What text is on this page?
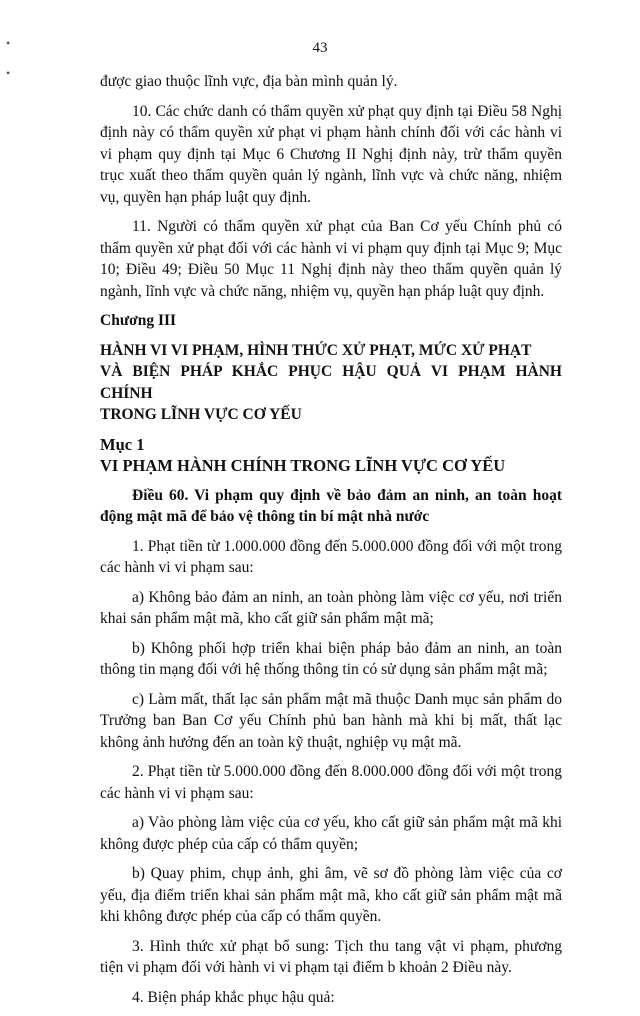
•
•
43

được giao thuộc lĩnh vực, địa bàn mình quản lý.

10. Các chức danh có thẩm quyền xử phạt quy định tại Điều 58 Nghị định này có thẩm quyền xử phạt vi phạm hành chính đối với các hành vi vi phạm quy định tại Mục 6 Chương II Nghị định này, trừ thẩm quyền trục xuất theo thẩm quyền quản lý ngành, lĩnh vực và chức năng, nhiệm vụ, quyền hạn pháp luật quy định.

11. Người có thẩm quyền xử phạt của Ban Cơ yếu Chính phủ có thẩm quyền xử phạt đối với các hành vi vi phạm quy định tại Mục 9; Mục 10; Điều 49; Điều 50 Mục 11 Nghị định này theo thẩm quyền quản lý ngành, lĩnh vực và chức năng, nhiệm vụ, quyền hạn pháp luật quy định.

Chương III

HÀNH VI VI PHẠM, HÌNH THỨC XỬ PHẠT, MỨC XỬ PHẠT

VÀ BIỆN PHÁP KHẮC PHỤC HẬU QUẢ VI PHẠM HÀNH CHÍNH

TRONG LĨNH VỰC CƠ YẾU

Mục 1

VI PHẠM HÀNH CHÍNH TRONG LĨNH VỰC CƠ YẾU

Điều 60. Vi phạm quy định về bảo đảm an ninh, an toàn hoạt động mật mã để bảo vệ thông tin bí mật nhà nước

1. Phạt tiền từ 1.000.000 đồng đến 5.000.000 đồng đối với một trong các hành vi vi phạm sau:

a) Không bảo đảm an ninh, an toàn phòng làm việc cơ yếu, nơi triển khai sản phẩm mật mã, kho cất giữ sản phẩm mật mã;

b) Không phối hợp triển khai biện pháp bảo đảm an ninh, an toàn thông tin mạng đối với hệ thống thông tin có sử dụng sản phẩm mật mã;

c) Làm mất, thất lạc sản phẩm mật mã thuộc Danh mục sản phẩm do Trưởng ban Ban Cơ yếu Chính phủ ban hành mà khi bị mất, thất lạc không ảnh hưởng đến an toàn kỹ thuật, nghiệp vụ mật mã.

2. Phạt tiền từ 5.000.000 đồng đến 8.000.000 đồng đối với một trong các hành vi vi phạm sau:

a) Vào phòng làm việc của cơ yếu, kho cất giữ sản phẩm mật mã khi không được phép của cấp có thẩm quyền;

b) Quay phim, chụp ảnh, ghi âm, vẽ sơ đồ phòng làm việc của cơ yếu, địa điểm triển khai sản phẩm mật mã, kho cất giữ sản phẩm mật mã khi không được phép của cấp có thẩm quyền.

3. Hình thức xử phạt bổ sung: Tịch thu tang vật vi phạm, phương tiện vi phạm đối với hành vi vi phạm tại điểm b khoản 2 Điều này.

4. Biện pháp khắc phục hậu quả:
